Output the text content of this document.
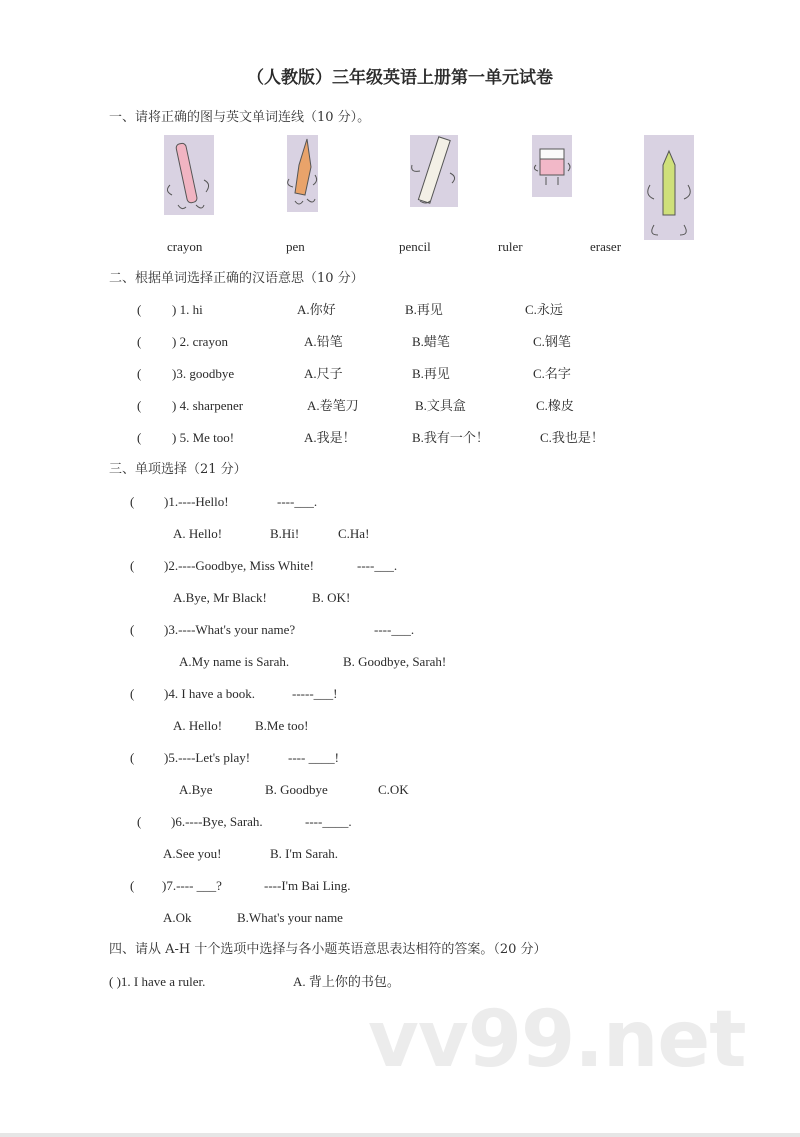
（人教版）三年级英语上册第一单元试卷
一、请将正确的图与英文单词连线（10 分）。
crayon	pen	pencil	ruler	eraser
二、根据单词选择正确的汉语意思（10 分）
( ) 1. hi	A.你好	B.再见	C.永远
( ) 2. crayon	A.铅笔	B.蜡笔	C.钢笔
( )3. goodbye	A.尺子	B.再见	C.名字
( ) 4. sharpener	A.卷笔刀	B.文具盒	C.橡皮
( ) 5. Me too!	A.我是！	B.我有一个！	C.我也是！
三、单项选择（21 分）
( )1.----Hello!	----___.
A. Hello!	B.Hi!	C.Ha!
( )2.----Goodbye, Miss White!	----___.
A.Bye, Mr Black!	B. OK!
( )3.----What's your name?	----___.
A.My name is Sarah.	B. Goodbye, Sarah!
( )4. I have a book.	-----___!
A. Hello!	B.Me too!
( )5.----Let's play!	---- ____!
A.Bye	B. Goodbye	C.OK
( )6.----Bye, Sarah.	----____.
A.See you!	B. I'm Sarah.
( )7.---- ___?	----I'm Bai Ling.
A.Ok	B.What's your name
四、请从 A-H 十个选项中选择与各小题英语意思表达相符的答案。（20 分）
( )1. I have a ruler.	A. 背上你的书包。
vv99.net
